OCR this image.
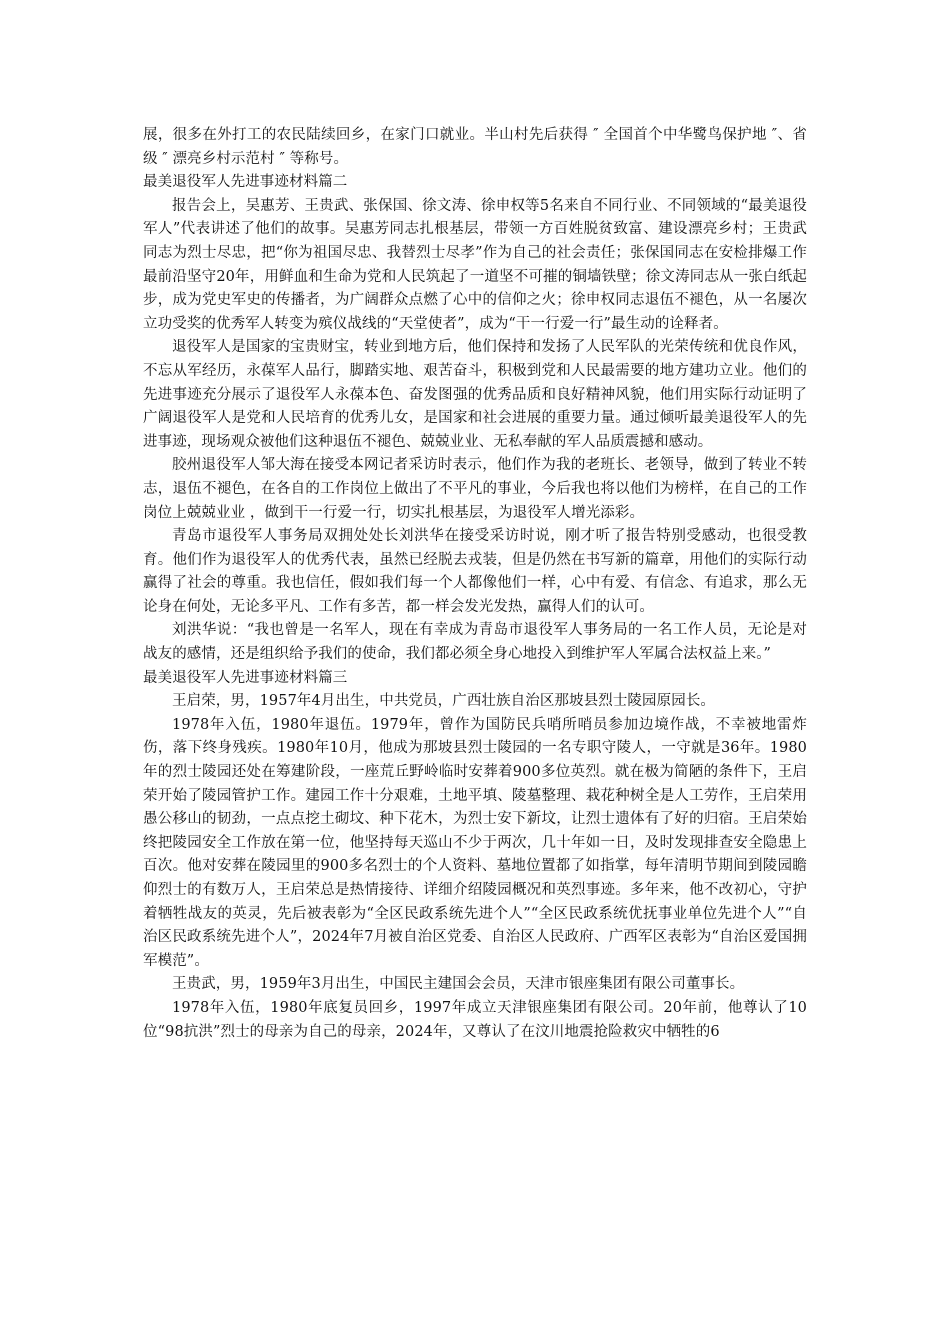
展，很多在外打工的农民陆续回乡，在家门口就业。半山村先后获得 ″ 全国首个中华鹭鸟保护地 ″、省级 ″ 漂亮乡村示范村 ″ 等称号。

最美退役军人先进事迹材料篇二

报告会上，吴惠芳、王贵武、张保国、徐文涛、徐申权等5名来自不同行业、不同领域的“最美退役军人”代表讲述了他们的故事。吴惠芳同志扎根基层，带领一方百姓脱贫致富、建设漂亮乡村；王贵武同志为烈士尽忠，把“你为祖国尽忠、我替烈士尽孝”作为自己的社会责任；张保国同志在安检排爆工作最前沿坚守20年，用鲜血和生命为党和人民筑起了一道坚不可摧的铜墙铁壁；徐文涛同志从一张白纸起步，成为党史军史的传播者，为广阔群众点燃了心中的信仰之火；徐申权同志退伍不褪色，从一名屡次立功受奖的优秀军人转变为殡仪战线的“天堂使者”，成为“干一行爱一行”最生动的诠释者。

退役军人是国家的宝贵财宝，转业到地方后，他们保持和发扬了人民军队的光荣传统和优良作风，不忘从军经历，永葆军人品行，脚踏实地、艰苦奋斗，积极到党和人民最需要的地方建功立业。他们的先进事迹充分展示了退役军人永葆本色、奋发图强的优秀品质和良好精神风貌，他们用实际行动证明了广阔退役军人是党和人民培育的优秀儿女，是国家和社会进展的重要力量。通过倾听最美退役军人的先进事迹，现场观众被他们这种退伍不褪色、兢兢业业、无私奉献的军人品质震撼和感动。

胶州退役军人邹大海在接受本网记者采访时表示，他们作为我的老班长、老领导，做到了转业不转志，退伍不褪色，在各自的工作岗位上做出了不平凡的事业，今后我也将以他们为榜样，在自己的工作岗位上兢兢业业 ，做到干一行爱一行，切实扎根基层，为退役军人增光添彩。

青岛市退役军人事务局双拥处处长刘洪华在接受采访时说，刚才听了报告特别受感动，也很受教育。他们作为退役军人的优秀代表，虽然已经脱去戎装，但是仍然在书写新的篇章，用他们的实际行动赢得了社会的尊重。我也信任，假如我们每一个人都像他们一样，心中有爱、有信念、有追求，那么无论身在何处，无论多平凡、工作有多苦，都一样会发光发热，赢得人们的认可。

刘洪华说：“我也曾是一名军人，现在有幸成为青岛市退役军人事务局的一名工作人员，无论是对战友的感情，还是组织给予我们的使命，我们都必须全身心地投入到维护军人军属合法权益上来。”

最美退役军人先进事迹材料篇三

王启荣，男，1957年4月出生，中共党员，广西壮族自治区那坡县烈士陵园原园长。

1978年入伍，1980年退伍。1979年，曾作为国防民兵哨所哨员参加边境作战，不幸被地雷炸伤，落下终身残疾。1980年10月，他成为那坡县烈士陵园的一名专职守陵人，一守就是36年。1980年的烈士陵园还处在筹建阶段，一座荒丘野岭临时安葬着900多位英烈。就在极为简陋的条件下，王启荣开始了陵园管护工作。建园工作十分艰难，土地平填、陵墓整理、栽花种树全是人工劳作，王启荣用愚公移山的韧劲，一点点挖土砌坟、种下花木，为烈士安下新坟，让烈士遗体有了好的归宿。王启荣始终把陵园安全工作放在第一位，他坚持每天巡山不少于两次，几十年如一日，及时发现排查安全隐患上百次。他对安葬在陵园里的900多名烈士的个人资料、墓地位置都了如指掌，每年清明节期间到陵园瞻仰烈士的有数万人，王启荣总是热情接待、详细介绍陵园概况和英烈事迹。多年来，他不改初心，守护着牺牲战友的英灵，先后被表彰为“全区民政系统先进个人”“全区民政系统优抚事业单位先进个人”“自治区民政系统先进个人”，2024年7月被自治区党委、自治区人民政府、广西军区表彰为“自治区爱国拥军模范”。

王贵武，男，1959年3月出生，中国民主建国会会员，天津市银座集团有限公司董事长。

1978年入伍，1980年底复员回乡，1997年成立天津银座集团有限公司。20年前，他尊认了10位“98抗洪”烈士的母亲为自己的母亲，2024年，又尊认了在汶川地震抢险救灾中牺牲的6
